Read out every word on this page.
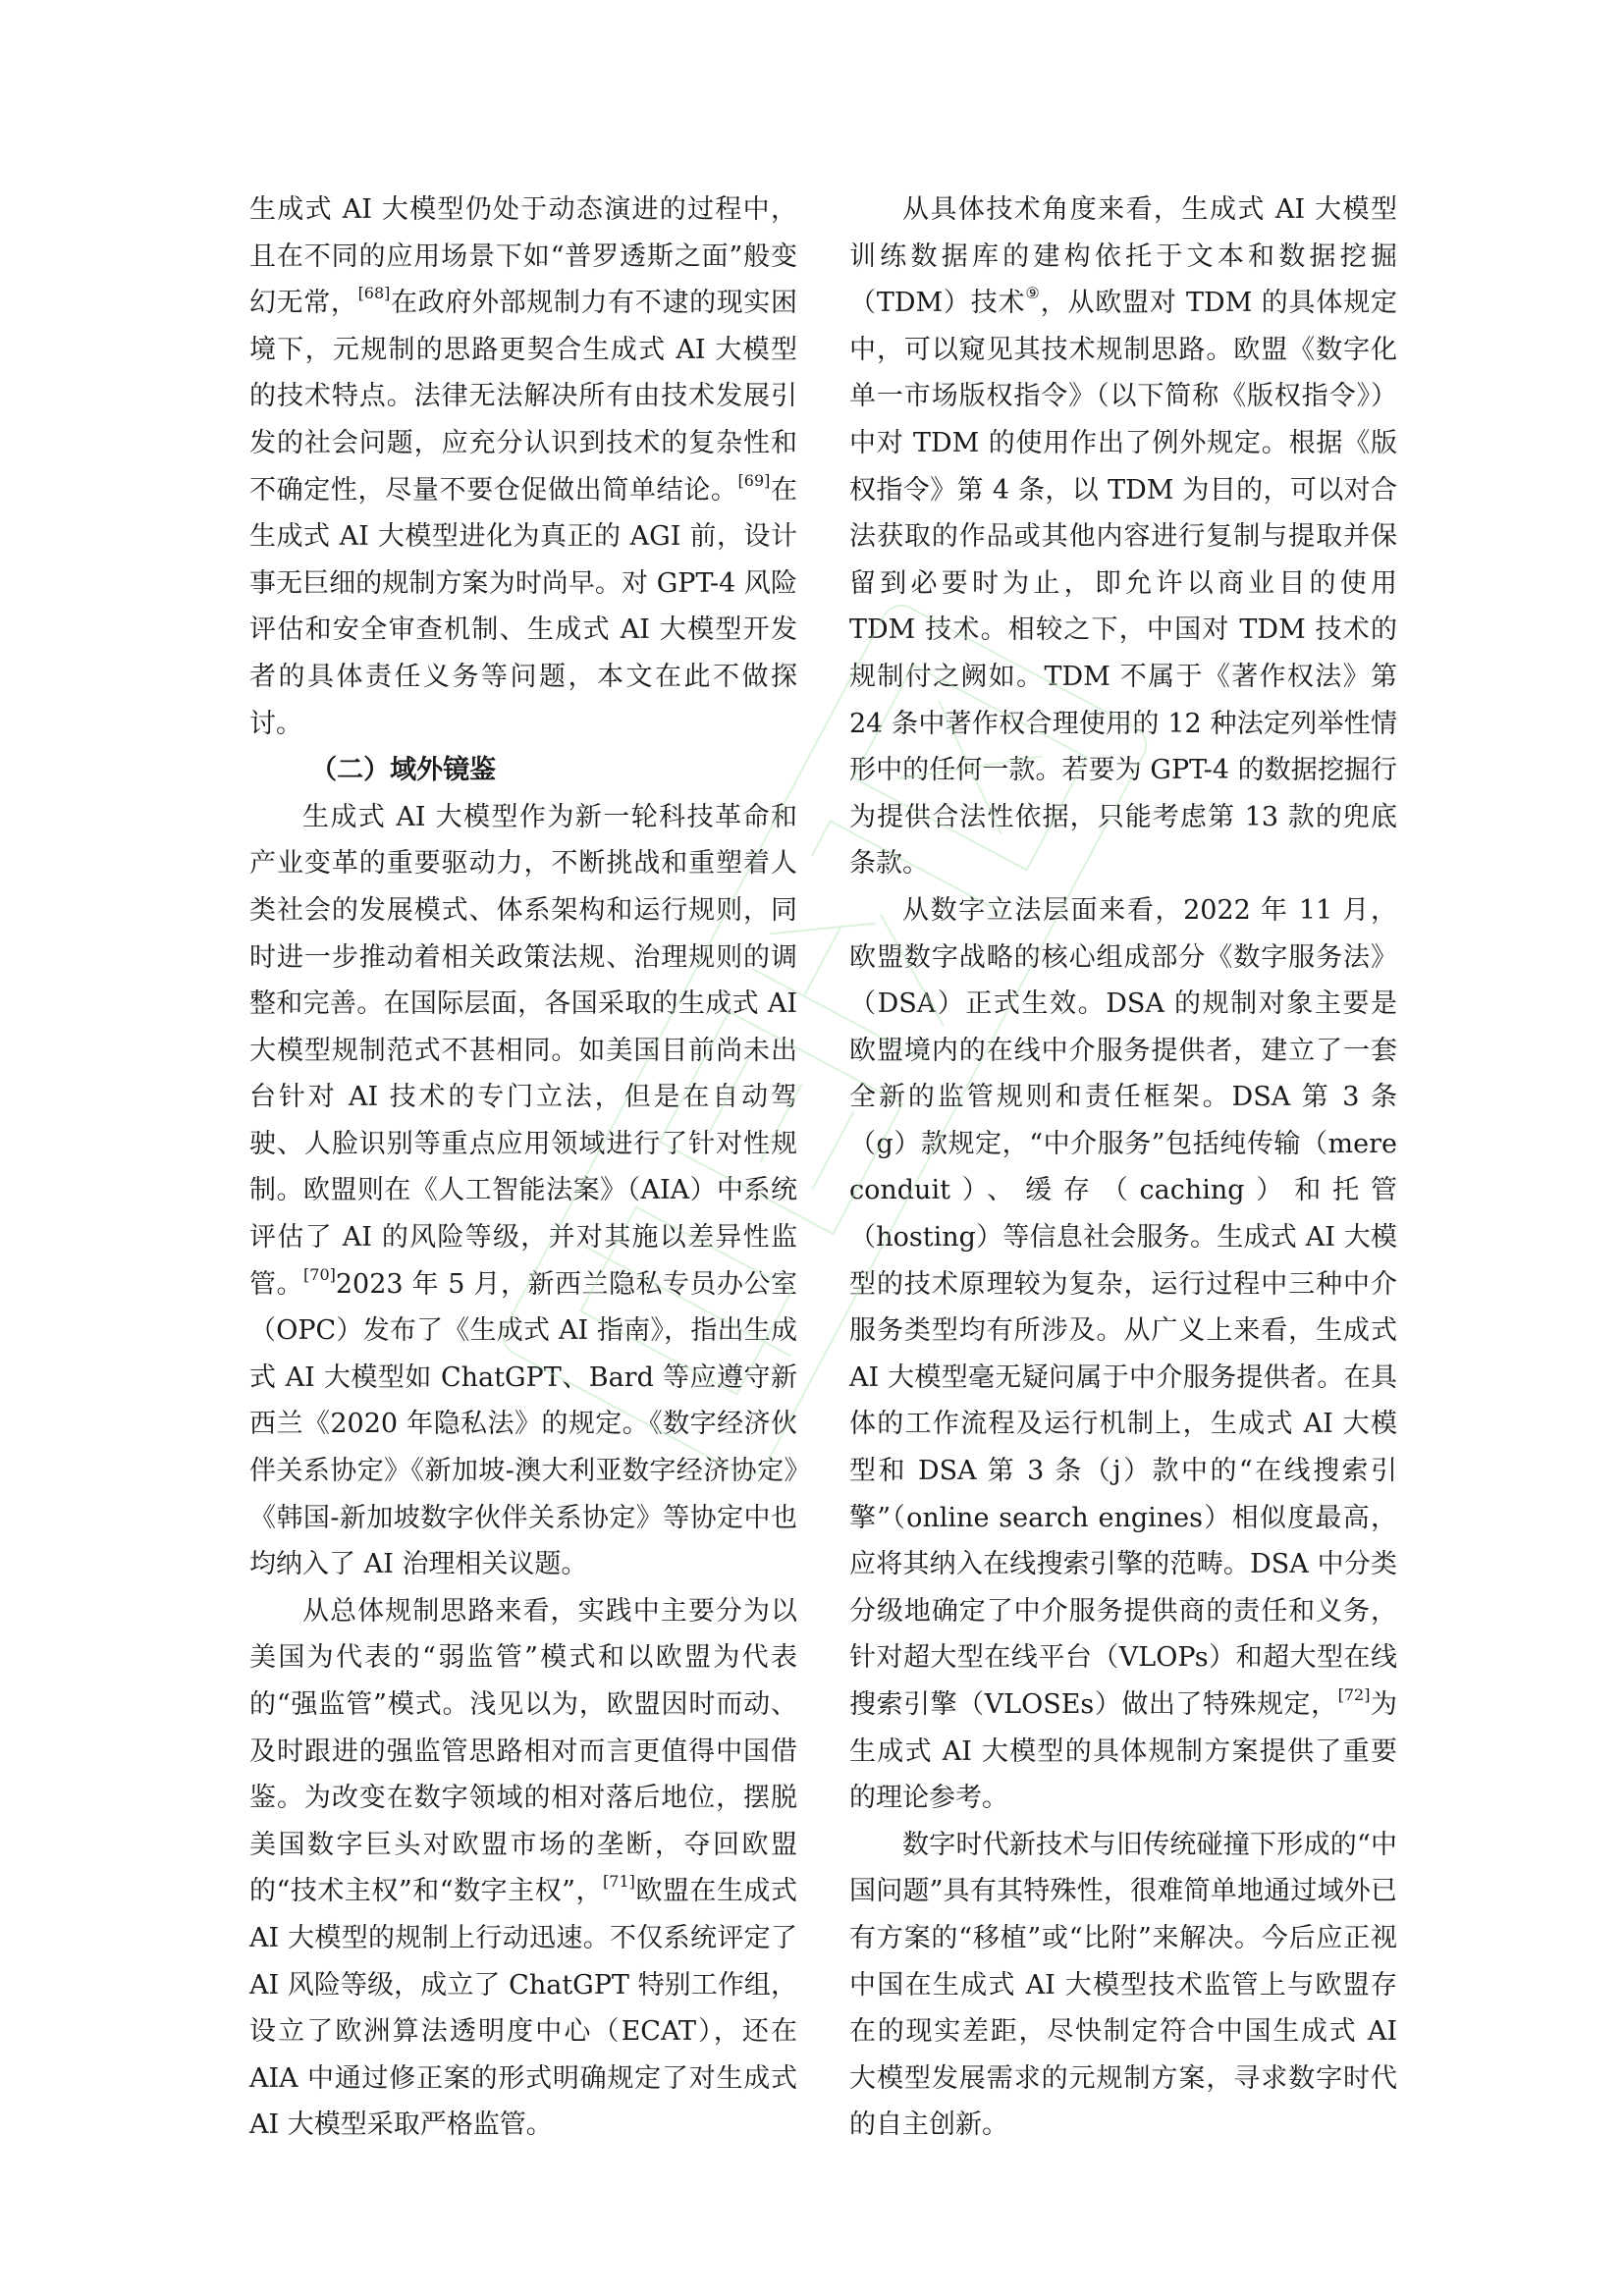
生成式 AI 大模型仍处于动态演进的过程中，且在不同的应用场景下如“普罗透斯之面”般变幻无常，[68]在政府外部规制力有不逮的现实困境下，元规制的思路更契合生成式 AI 大模型的技术特点。法律无法解决所有由技术发展引发的社会问题，应充分认识到技术的复杂性和不确定性，尽量不要仓促做出简单结论。[69]在生成式 AI 大模型进化为真正的 AGI 前，设计事无巨细的规制方案为时尚早。对 GPT-4 风险评估和安全审查机制、生成式 AI 大模型开发者的具体责任义务等问题，本文在此不做探讨。

（二）域外镜鉴

生成式 AI 大模型作为新一轮科技革命和产业变革的重要驱动力，不断挑战和重塑着人类社会的发展模式、体系架构和运行规则，同时进一步推动着相关政策法规、治理规则的调整和完善。在国际层面，各国采取的生成式 AI 大模型规制范式不甚相同。如美国目前尚未出台针对 AI 技术的专门立法，但是在自动驾驶、人脸识别等重点应用领域进行了针对性规制。欧盟则在《人工智能法案》（AIA）中系统评估了 AI 的风险等级，并对其施以差异性监管。[70]2023 年 5 月，新西兰隐私专员办公室（OPC）发布了《生成式 AI 指南》，指出生成式 AI 大模型如 ChatGPT、Bard 等应遵守新西兰《2020 年隐私法》的规定。《数字经济伙伴关系协定》《新加坡-澳大利亚数字经济协定》《韩国-新加坡数字伙伴关系协定》等协定中也均纳入了 AI 治理相关议题。

从总体规制思路来看，实践中主要分为以美国为代表的“弱监管”模式和以欧盟为代表的“强监管”模式。浅见以为，欧盟因时而动、及时跟进的强监管思路相对而言更值得中国借鉴。为改变在数字领域的相对落后地位，摆脱美国数字巨头对欧盟市场的垄断，夺回欧盟的“技术主权”和“数字主权”，[71]欧盟在生成式 AI 大模型的规制上行动迅速。不仅系统评定了 AI 风险等级，成立了 ChatGPT 特别工作组，设立了欧洲算法透明度中心（ECAT），还在 AIA 中通过修正案的形式明确规定了对生成式 AI 大模型采取严格监管。

从具体技术角度来看，生成式 AI 大模型训练数据库的建构依托于文本和数据挖掘（TDM）技术⑨，从欧盟对 TDM 的具体规定中，可以窥见其技术规制思路。欧盟《数字化单一市场版权指令》（以下简称《版权指令》）中对 TDM 的使用作出了例外规定。根据《版权指令》第 4 条，以 TDM 为目的，可以对合法获取的作品或其他内容进行复制与提取并保留到必要时为止，即允许以商业目的使用 TDM 技术。相较之下，中国对 TDM 技术的规制付之阙如。TDM 不属于《著作权法》第 24 条中著作权合理使用的 12 种法定列举性情形中的任何一款。若要为 GPT-4 的数据挖掘行为提供合法性依据，只能考虑第 13 款的兜底条款。

从数字立法层面来看，2022 年 11 月，欧盟数字战略的核心组成部分《数字服务法》（DSA）正式生效。DSA 的规制对象主要是欧盟境内的在线中介服务提供者，建立了一套全新的监管规则和责任框架。DSA 第 3 条（g）款规定，“中介服务”包括纯传输（mere conduit）、缓存（caching）和托管（hosting）等信息社会服务。生成式 AI 大模型的技术原理较为复杂，运行过程中三种中介服务类型均有所涉及。从广义上来看，生成式 AI 大模型毫无疑问属于中介服务提供者。在具体的工作流程及运行机制上，生成式 AI 大模型和 DSA 第 3 条（j）款中的“在线搜索引擎”（online search engines）相似度最高，应将其纳入在线搜索引擎的范畴。DSA 中分类分级地确定了中介服务提供商的责任和义务，针对超大型在线平台（VLOPs）和超大型在线搜索引擎（VLOSEs）做出了特殊规定，[72]为生成式 AI 大模型的具体规制方案提供了重要的理论参考。

数字时代新技术与旧传统碰撞下形成的“中国问题”具有其特殊性，很难简单地通过域外已有方案的“移植”或“比附”来解决。今后应正视中国在生成式 AI 大模型技术监管上与欧盟存在的现实差距，尽快制定符合中国生成式 AI 大模型发展需求的元规制方案，寻求数字时代的自主创新。
